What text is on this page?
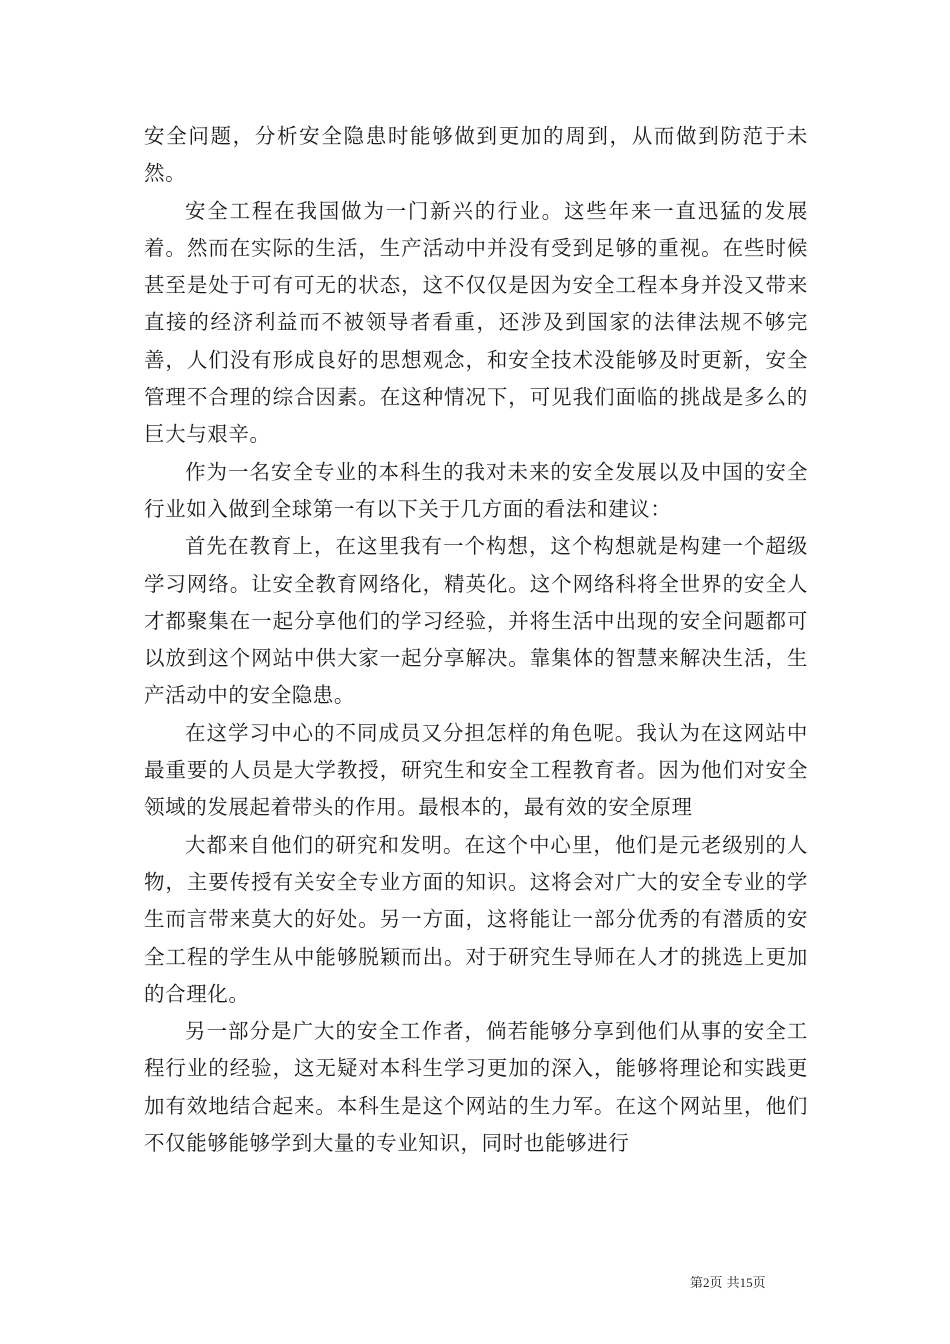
安全问题，分析安全隐患时能够做到更加的周到，从而做到防范于未然。

安全工程在我国做为一门新兴的行业。这些年来一直迅猛的发展着。然而在实际的生活，生产活动中并没有受到足够的重视。在些时候甚至是处于可有可无的状态，这不仅仅是因为安全工程本身并没又带来直接的经济利益而不被领导者看重，还涉及到国家的法律法规不够完善，人们没有形成良好的思想观念，和安全技术没能够及时更新，安全管理不合理的综合因素。在这种情况下，可见我们面临的挑战是多么的巨大与艰辛。

作为一名安全专业的本科生的我对未来的安全发展以及中国的安全行业如入做到全球第一有以下关于几方面的看法和建议：

首先在教育上，在这里我有一个构想，这个构想就是构建一个超级学习网络。让安全教育网络化，精英化。这个网络科将全世界的安全人才都聚集在一起分享他们的学习经验，并将生活中出现的安全问题都可以放到这个网站中供大家一起分享解决。靠集体的智慧来解决生活，生产活动中的安全隐患。

在这学习中心的不同成员又分担怎样的角色呢。我认为在这网站中最重要的人员是大学教授，研究生和安全工程教育者。因为他们对安全领域的发展起着带头的作用。最根本的，最有效的安全原理

大都来自他们的研究和发明。在这个中心里，他们是元老级别的人物，主要传授有关安全专业方面的知识。这将会对广大的安全专业的学生而言带来莫大的好处。另一方面，这将能让一部分优秀的有潜质的安全工程的学生从中能够脱颖而出。对于研究生导师在人才的挑选上更加的合理化。

另一部分是广大的安全工作者，倘若能够分享到他们从事的安全工程行业的经验，这无疑对本科生学习更加的深入，能够将理论和实践更加有效地结合起来。本科生是这个网站的生力军。在这个网站里，他们不仅能够能够学到大量的专业知识，同时也能够进行

第2页 共15页
